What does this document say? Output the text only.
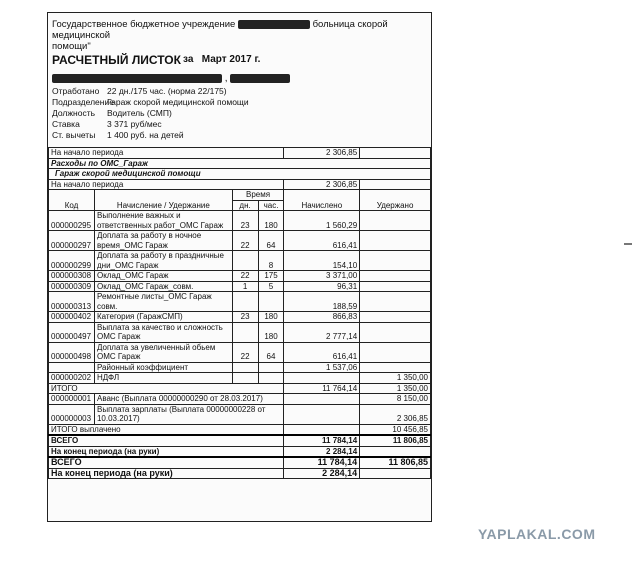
Государственное бюджетное учреждение	больница скорой медицинской
помощи"
РАСЧЕТНЫЙ ЛИСТОК за Март 2017 г.
,
Отработано 22 дн./175 час. (норма 22/175)
ПодразделениеГараж скорой медицинской помощи
Должность Водитель (СМП)
Ставка	3 371 руб/мес
Ст. вычеты 1 400 руб. на детей
На начало периода				2 306,85	
Расходы по ОМС_Гараж					
Гараж скорой медицинской помощи					
На начало периода				2 306,85	
Код	Начисление / Удержание	Время		Начислено	Удержано
		дн.	час.		
000000295	Выполнение важных и ответственных работ_ОМС Гараж	23	180	1 560,29	
000000297	Доплата за работу в ночное время_ОМС Гараж	22	64	616,41	
000000299	Доплата за работу в праздничные дни_ОМС Гараж		8	154,10	
000000308	Оклад_ОМС Гараж	22	175	3 371,00	
000000309	Оклад_ОМС Гараж_совм.	1	5	96,31	
000000313	Ремонтные листы_ОМС Гараж совм.			188,59	
000000402	Категория (ГаражСМП)	23	180	866,83	
000000497	Выплата за качество и сложность ОМС Гараж		180	2 777,14	
000000498	Доплата за увеличенный обьем ОМС Гараж	22	64	616,41	
	Районный коэффициент			1 537,06	
000000202	НДФЛ				1 350,00
ИТОГО				11 764,14	1 350,00
000000001	Аванс (Выплата 00000000290 от 28.03.2017)				8 150,00
000000003	Выплата зарплаты (Выплата 00000000228 от 10.03.2017)				2 306,85
ИТОГО выплачено					10 456,85
ВСЕГО				11 784,14	11 806,85
На конец периода (на руки)				2 284,14	
ВСЕГО				11 784,14	11 806,85
На конец периода (на руки)				2 284,14	
YAPLAKAL.COM
